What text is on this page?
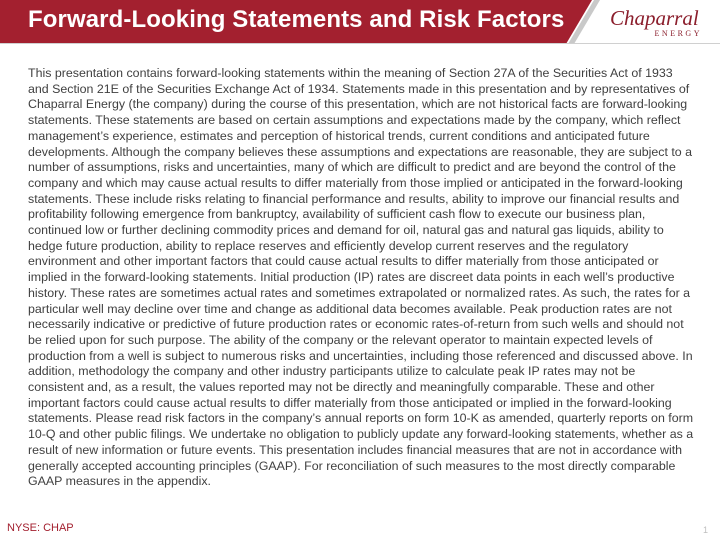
Forward-Looking Statements and Risk Factors Chaparral
ENERGY

This presentation contains forward-looking statements within the meaning of Section 27A of the Securities Act of 1933 and Section 21E of the Securities Exchange Act of 1934. Statements made in this presentation and by representatives of Chaparral Energy (the company) during the course of this presentation, which are not historical facts are forward-looking statements. These statements are based on certain assumptions and expectations made by the company, which reflect management’s experience, estimates and perception of historical trends, current conditions and anticipated future developments. Although the company believes these assumptions and expectations are reasonable, they are subject to a number of assumptions, risks and uncertainties, many of which are difficult to predict and are beyond the control of the company and which may cause actual results to differ materially from those implied or anticipated in the forward-looking statements. These include risks relating to financial performance and results, ability to improve our financial results and profitability following emergence from bankruptcy, availability of sufficient cash flow to execute our business plan, continued low or further declining commodity prices and demand for oil, natural gas and natural gas liquids, ability to hedge future production, ability to replace reserves and efficiently develop current reserves and the regulatory environment and other important factors that could cause actual results to differ materially from those anticipated or implied in the forward-looking statements. Initial production (IP) rates are discreet data points in each well’s productive history. These rates are sometimes actual rates and sometimes extrapolated or normalized rates. As such, the rates for a particular well may decline over time and change as additional data becomes available. Peak production rates are not necessarily indicative or predictive of future production rates or economic rates-of-return from such wells and should not be relied upon for such purpose. The ability of the company or the relevant operator to maintain expected levels of production from a well is subject to numerous risks and uncertainties, including those referenced and discussed above. In addition, methodology the company and other industry participants utilize to calculate peak IP rates may not be consistent and, as a result, the values reported may not be directly and meaningfully comparable. These and other important factors could cause actual results to differ materially from those anticipated or implied in the forward-looking statements. Please read risk factors in the company’s annual reports on form 10-K as amended, quarterly reports on form 10-Q and other public filings. We undertake no obligation to publicly update any forward-looking statements, whether as a result of new information or future events. This presentation includes financial measures that are not in accordance with generally accepted accounting principles (GAAP). For reconciliation of such measures to the most directly comparable GAAP measures in the appendix.

NYSE: CHAP	1
